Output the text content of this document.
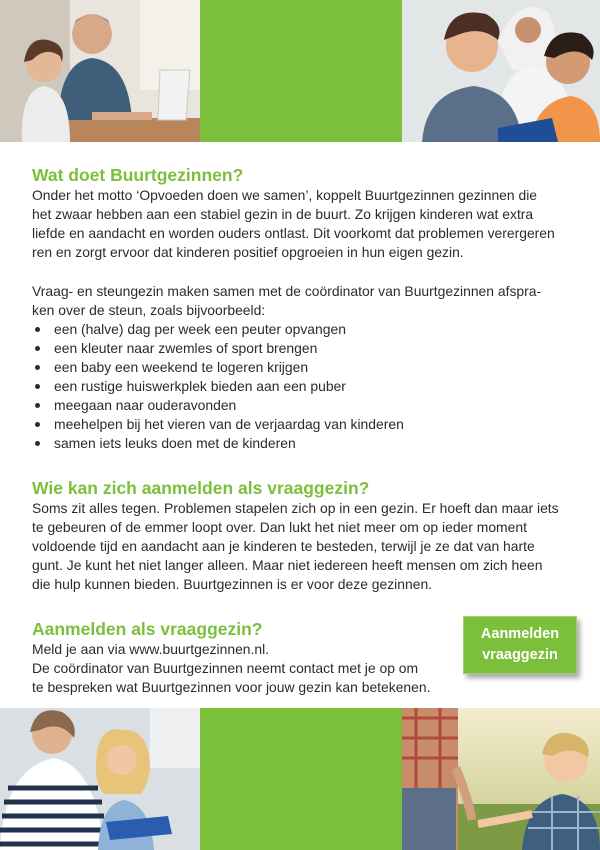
Wat doet Buurtgezinnen?

Onder het motto ‘Opvoeden doen we samen’, koppelt Buurtgezinnen gezinnen die
het zwaar hebben aan een stabiel gezin in de buurt. Zo krijgen kinderen wat extra
liefde en aandacht en worden ouders ontlast. Dit voorkomt dat problemen verergeren
ren en zorgt ervoor dat kinderen positief opgroeien in hun eigen gezin.

Vraag- en steungezin maken samen met de coördinator van Buurtgezinnen afspra-
ken over de steun, zoals bijvoorbeeld:

een (halve) dag per week een peuter opvangen
een kleuter naar zwemles of sport brengen
een baby een weekend te logeren krijgen
een rustige huiswerkplek bieden aan een puber
meegaan naar ouderavonden
meehelpen bij het vieren van de verjaardag van kinderen
samen iets leuks doen met de kinderen
Wie kan zich aanmelden als vraaggezin?

Soms zit alles tegen. Problemen stapelen zich op in een gezin. Er hoeft dan maar iets
te gebeuren of de emmer loopt over. Dan lukt het niet meer om op ieder moment
voldoende tijd en aandacht aan je kinderen te besteden, terwijl je ze dat van harte
gunt. Je kunt het niet langer alleen. Maar niet iedereen heeft mensen om zich heen
die hulp kunnen bieden. Buurtgezinnen is er voor deze gezinnen.

Aanmelden als vraaggezin?

Meld je aan via www.buurtgezinnen.nl.
De coördinator van Buurtgezinnen neemt contact met je op om
te bespreken wat Buurtgezinnen voor jouw gezin kan betekenen.

Aanmelden
vraaggezin
